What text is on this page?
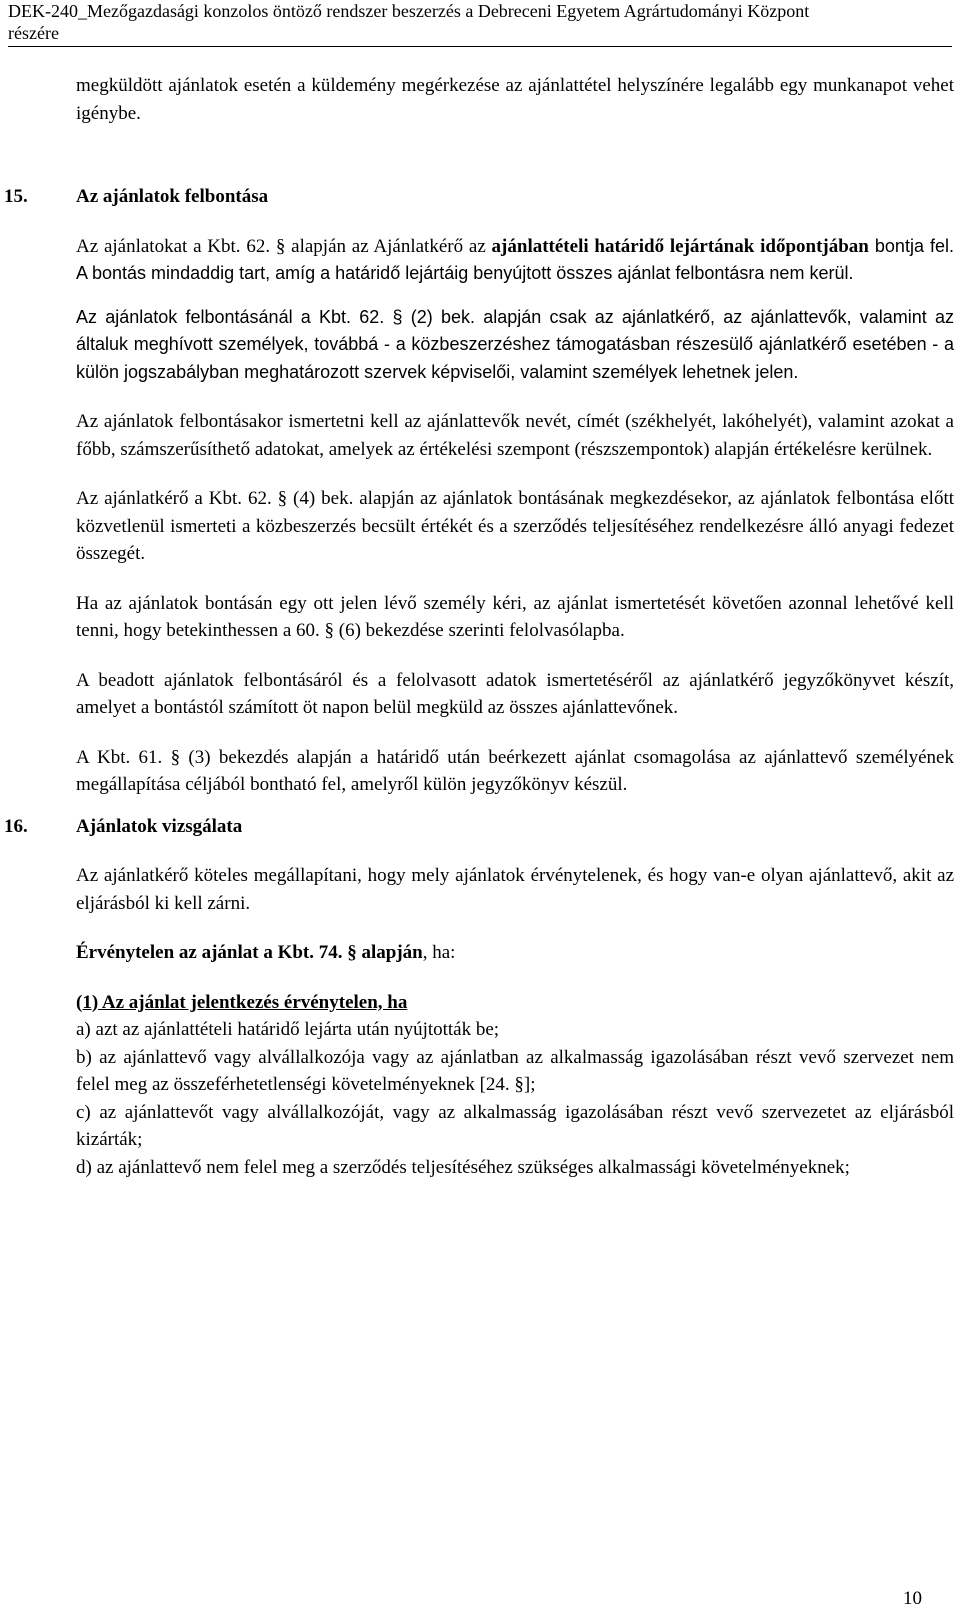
DEK-240_Mezőgazdasági konzolos öntöző rendszer beszerzés a Debreceni Egyetem Agrártudományi Központ
részére

megküldött ajánlatok esetén a küldemény megérkezése az ajánlattétel helyszínére legalább egy munkanapot vehet igénybe.

15.	Az ajánlatok felbontása

Az ajánlatokat a Kbt. 62. § alapján az Ajánlatkérő az ajánlattételi határidő lejártának időpontjában bontja fel. A bontás mindaddig tart, amíg a határidő lejártáig benyújtott összes ajánlat felbontásra nem kerül.

Az ajánlatok felbontásánál a Kbt. 62. § (2) bek. alapján csak az ajánlatkérő, az ajánlattevők, valamint az általuk meghívott személyek, továbbá - a közbeszerzéshez támogatásban részesülő ajánlatkérő esetében - a külön jogszabályban meghatározott szervek képviselői, valamint személyek lehetnek jelen.

Az ajánlatok felbontásakor ismertetni kell az ajánlattevők nevét, címét (székhelyét, lakóhelyét), valamint azokat a főbb, számszerűsíthető adatokat, amelyek az értékelési szempont (részszempontok) alapján értékelésre kerülnek.

Az ajánlatkérő a Kbt. 62. § (4) bek. alapján az ajánlatok bontásának megkezdésekor, az ajánlatok felbontása előtt közvetlenül ismerteti a közbeszerzés becsült értékét és a szerződés teljesítéséhez rendelkezésre álló anyagi fedezet összegét.

Ha az ajánlatok bontásán egy ott jelen lévő személy kéri, az ajánlat ismertetését követően azonnal lehetővé kell tenni, hogy betekinthessen a 60. § (6) bekezdése szerinti felolvasólapba.

A beadott ajánlatok felbontásáról és a felolvasott adatok ismertetéséről az ajánlatkérő jegyzőkönyvet készít, amelyet a bontástól számított öt napon belül megküld az összes ajánlattevőnek.

A Kbt. 61. § (3) bekezdés alapján a határidő után beérkezett ajánlat csomagolása az ajánlattevő személyének megállapítása céljából bontható fel, amelyről külön jegyzőkönyv készül.

16.	Ajánlatok vizsgálata

Az ajánlatkérő köteles megállapítani, hogy mely ajánlatok érvénytelenek, és hogy van-e olyan ajánlattevő, akit az eljárásból ki kell zárni.

Érvénytelen az ajánlat a Kbt. 74. § alapján, ha:

(1) Az ajánlat jelentkezés érvénytelen, ha

a) azt az ajánlattételi határidő lejárta után nyújtották be;

b) az ajánlattevő vagy alvállalkozója vagy az ajánlatban az alkalmasság igazolásában részt vevő szervezet nem felel meg az összeférhetetlenségi követelményeknek [24. §];

c) az ajánlattevőt vagy alvállalkozóját, vagy az alkalmasság igazolásában részt vevő szervezetet az eljárásból kizárták;

d) az ajánlattevő nem felel meg a szerződés teljesítéséhez szükséges alkalmassági követelményeknek;

10
